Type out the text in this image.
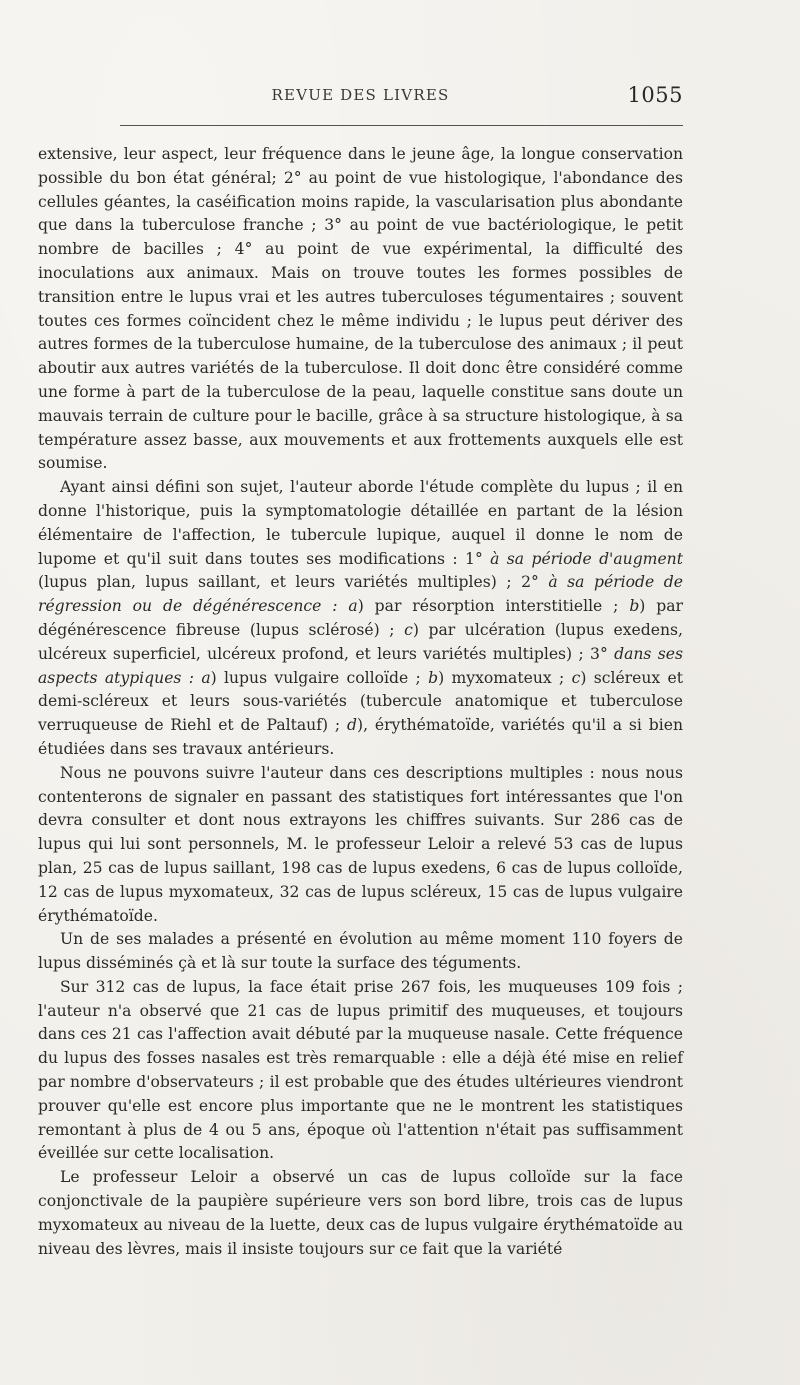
REVUE DES LIVRES	1055

extensive, leur aspect, leur fréquence dans le jeune âge, la longue conservation possible du bon état général; 2° au point de vue histologique, l'abondance des cellules géantes, la caséification moins rapide, la vascularisation plus abondante que dans la tuberculose franche ; 3° au point de vue bactériologique, le petit nombre de bacilles ; 4° au point de vue expérimental, la difficulté des inoculations aux animaux. Mais on trouve toutes les formes possibles de transition entre le lupus vrai et les autres tuberculoses tégumentaires ; souvent toutes ces formes coïncident chez le même individu ; le lupus peut dériver des autres formes de la tuberculose humaine, de la tuberculose des animaux ; il peut aboutir aux autres variétés de la tuberculose. Il doit donc être considéré comme une forme à part de la tuberculose de la peau, laquelle constitue sans doute un mauvais terrain de culture pour le bacille, grâce à sa structure histologique, à sa température assez basse, aux mouvements et aux frottements auxquels elle est soumise.

Ayant ainsi défini son sujet, l'auteur aborde l'étude complète du lupus ; il en donne l'historique, puis la symptomatologie détaillée en partant de la lésion élémentaire de l'affection, le tubercule lupique, auquel il donne le nom de lupome et qu'il suit dans toutes ses modifications : 1° à sa période d'augment (lupus plan, lupus saillant, et leurs variétés multiples) ; 2° à sa période de régression ou de dégénérescence : a) par résorption interstitielle ; b) par dégénérescence fibreuse (lupus sclérosé) ; c) par ulcération (lupus exedens, ulcéreux superficiel, ulcéreux profond, et leurs variétés multiples) ; 3° dans ses aspects atypiques : a) lupus vulgaire colloïde ; b) myxomateux ; c) scléreux et demi-scléreux et leurs sous-variétés (tubercule anatomique et tuberculose verruqueuse de Riehl et de Paltauf) ; d), érythématoïde, variétés qu'il a si bien étudiées dans ses travaux antérieurs.

Nous ne pouvons suivre l'auteur dans ces descriptions multiples : nous nous contenterons de signaler en passant des statistiques fort intéressantes que l'on devra consulter et dont nous extrayons les chiffres suivants. Sur 286 cas de lupus qui lui sont personnels, M. le professeur Leloir a relevé 53 cas de lupus plan, 25 cas de lupus saillant, 198 cas de lupus exedens, 6 cas de lupus colloïde, 12 cas de lupus myxomateux, 32 cas de lupus scléreux, 15 cas de lupus vulgaire érythématoïde.

Un de ses malades a présenté en évolution au même moment 110 foyers de lupus disséminés çà et là sur toute la surface des téguments.

Sur 312 cas de lupus, la face était prise 267 fois, les muqueuses 109 fois ; l'auteur n'a observé que 21 cas de lupus primitif des muqueuses, et toujours dans ces 21 cas l'affection avait débuté par la muqueuse nasale. Cette fréquence du lupus des fosses nasales est très remarquable : elle a déjà été mise en relief par nombre d'observateurs ; il est probable que des études ultérieures viendront prouver qu'elle est encore plus importante que ne le montrent les statistiques remontant à plus de 4 ou 5 ans, époque où l'attention n'était pas suffisamment éveillée sur cette localisation.

Le professeur Leloir a observé un cas de lupus colloïde sur la face conjonctivale de la paupière supérieure vers son bord libre, trois cas de lupus myxomateux au niveau de la luette, deux cas de lupus vulgaire érythématoïde au niveau des lèvres, mais il insiste toujours sur ce fait que la variété
